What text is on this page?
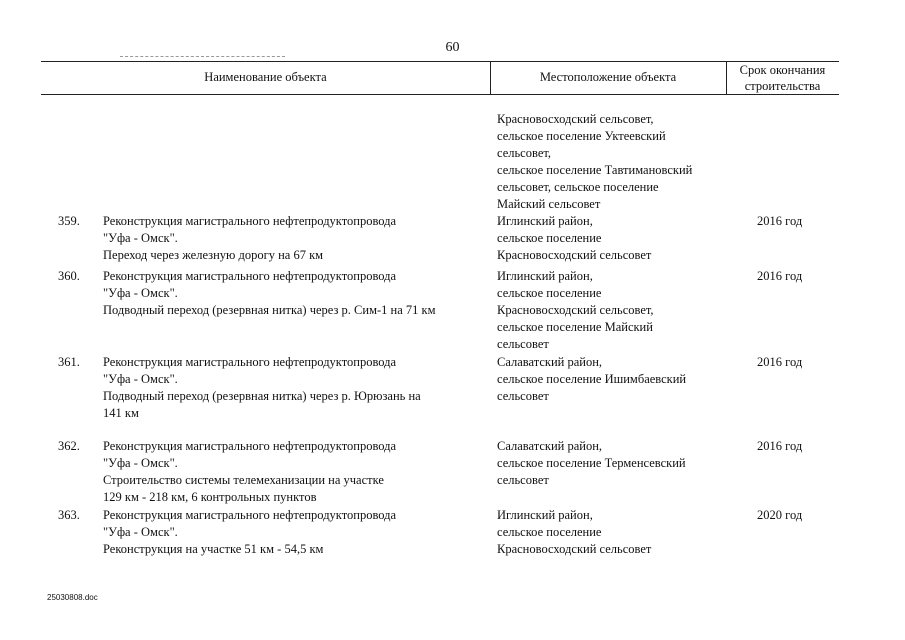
60
Наименование объекта	Местоположение объекта	Срок окончания
строительства
Красновосходский сельсовет,
сельское поселение Уктеевский
сельсовет,
сельское поселение Тавтимановский
сельсовет, сельское поселение
Майский сельсовет
359. Реконструкция магистрального нефтепродуктопровода
"Уфа - Омск".
Переход через железную дорогу на 67 км
Иглинский район,
сельское поселение
Красновосходский сельсовет
2016 год
360. Реконструкция магистрального нефтепродуктопровода
"Уфа - Омск".
Подводный переход (резервная нитка) через р. Сим-1 на 71 км
Иглинский район,
сельское поселение
Красновосходский сельсовет,
сельское поселение Майский
сельсовет
2016 год
361. Реконструкция магистрального нефтепродуктопровода
"Уфа - Омск".
Подводный переход (резервная нитка) через р. Юрюзань на
141 км
Салаватский район,
сельское поселение Ишимбаевский
сельсовет
2016 год
362. Реконструкция магистрального нефтепродуктопровода
"Уфа - Омск".
Строительство системы телемеханизации на участке
129 км - 218 км, 6 контрольных пунктов
Салаватский район,
сельское поселение Терменсевский
сельсовет
2016 год
363. Реконструкция магистрального нефтепродуктопровода
"Уфа - Омск".
Реконструкция на участке 51 км - 54,5 км
Иглинский район,
сельское поселение
Красновосходский сельсовет
2020 год
25030808.doc
